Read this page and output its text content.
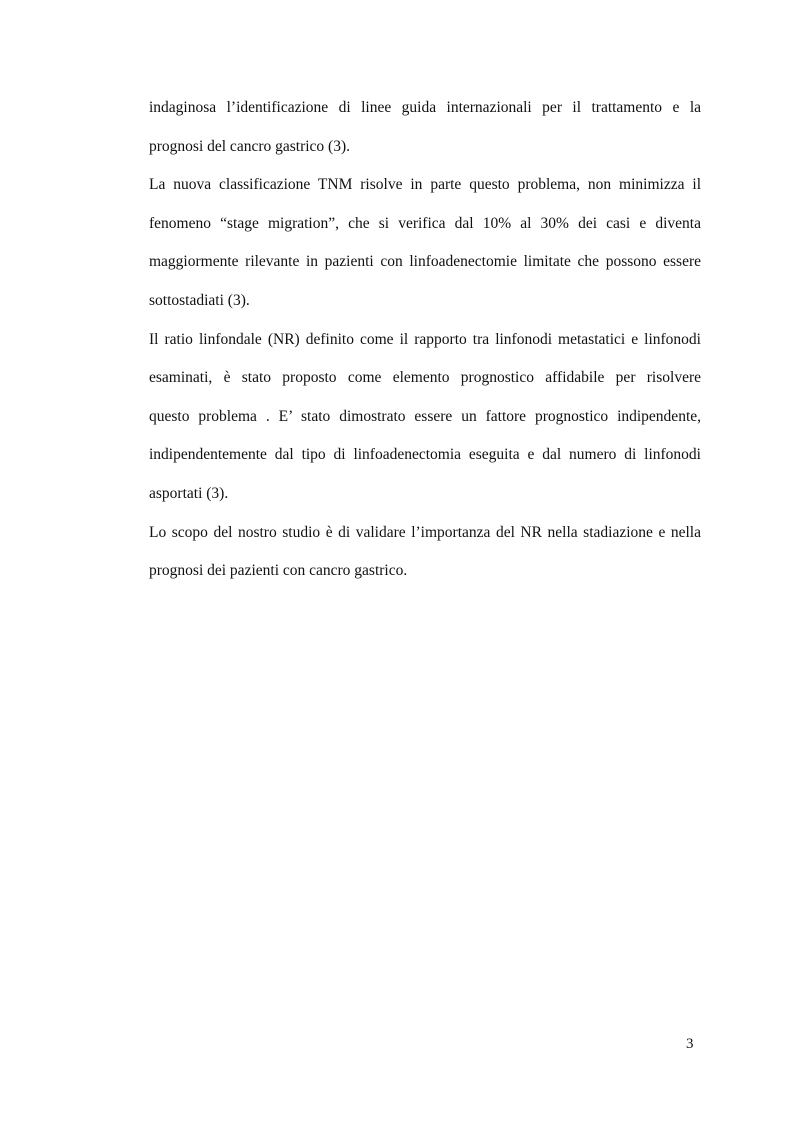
indaginosa l’identificazione di linee guida internazionali per il trattamento e la
prognosi del cancro gastrico (3).
La nuova classificazione TNM risolve in parte questo problema, non minimizza il
fenomeno “stage migration”, che si verifica dal 10% al 30% dei casi e diventa
maggiormente rilevante in pazienti con linfoadenectomie limitate che possono essere
sottostadiati (3).
Il ratio linfondale (NR) definito come il rapporto tra linfonodi metastatici e linfonodi
esaminati, è stato proposto come elemento prognostico affidabile per risolvere
questo problema . E’ stato dimostrato essere un fattore prognostico indipendente,
indipendentemente dal tipo di linfoadenectomia eseguita e dal numero di linfonodi
asportati (3).
Lo scopo del nostro studio è di validare l’importanza del NR nella stadiazione e nella
prognosi dei pazienti con cancro gastrico.
3
